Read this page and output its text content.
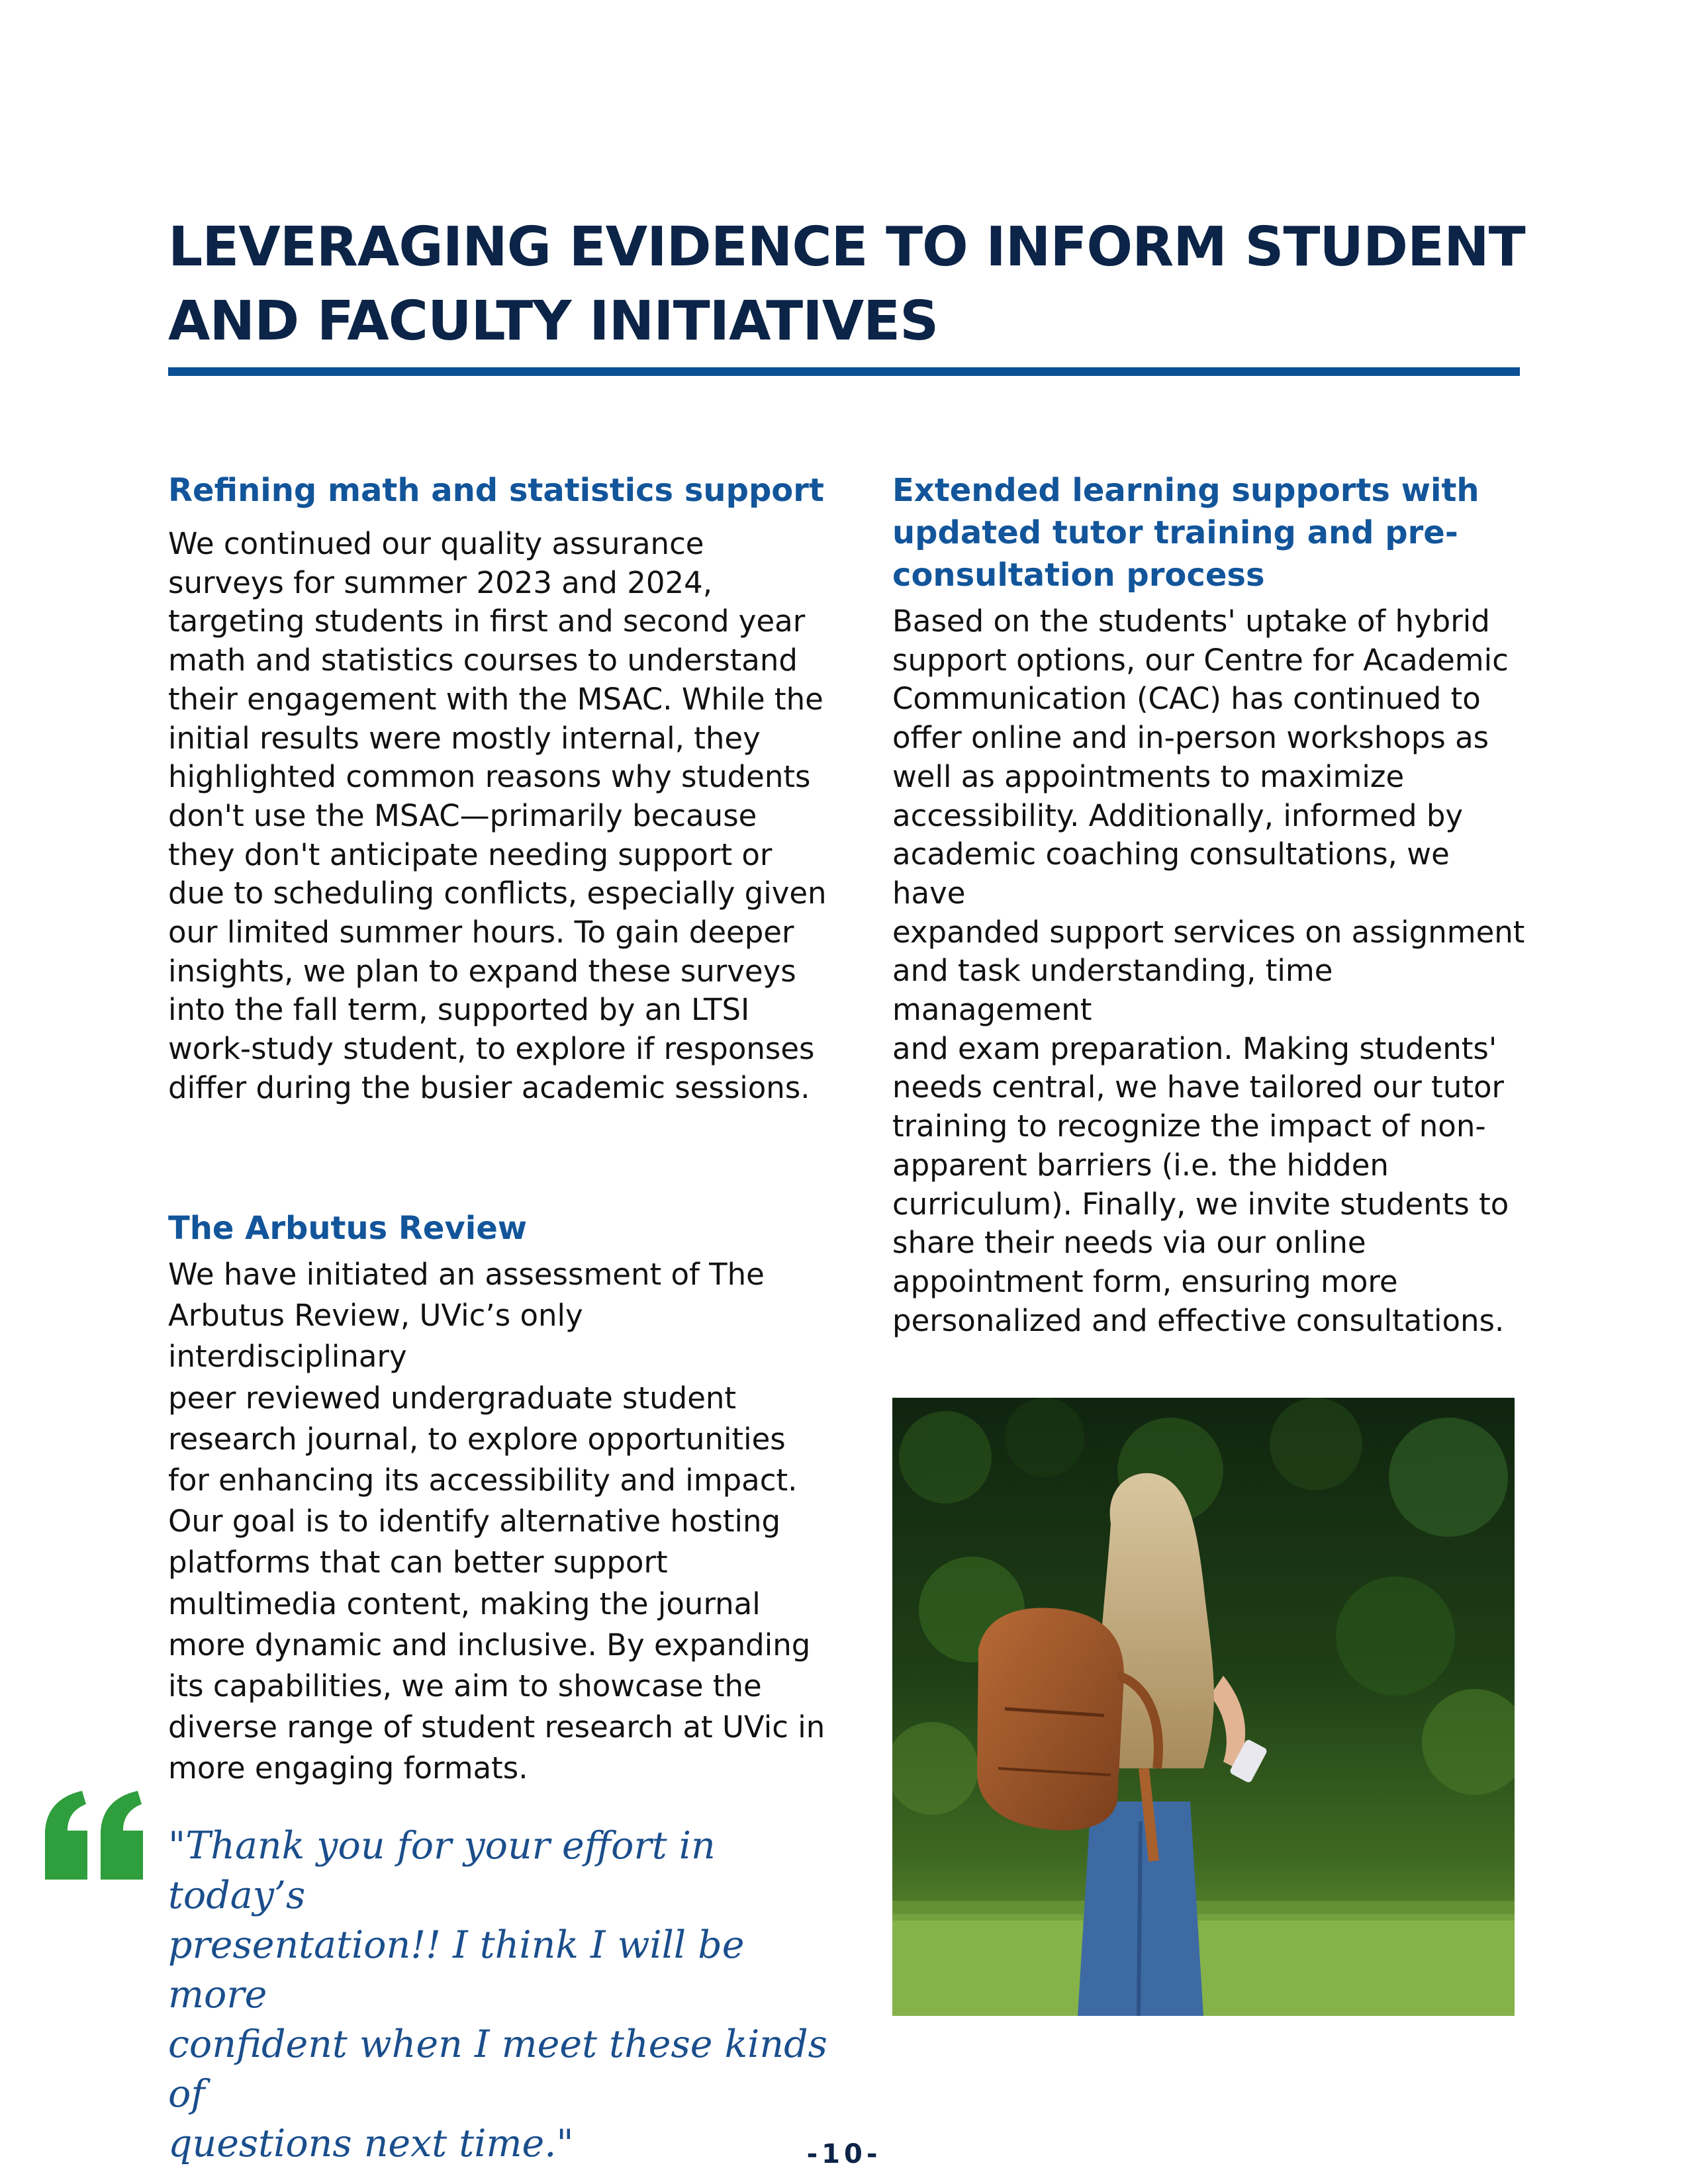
LEVERAGING EVIDENCE TO INFORM STUDENT
AND FACULTY INITIATIVES
Refining math and statistics support
We continued our quality assurance
surveys for summer 2023 and 2024,
targeting students in first and second year
math and statistics courses to understand
their engagement with the MSAC. While the
initial results were mostly internal, they
highlighted common reasons why students
don't use the MSAC—primarily because
they don't anticipate needing support or
due to scheduling conflicts, especially given
our limited summer hours. To gain deeper
insights, we plan to expand these surveys
into the fall term, supported by an LTSI
work-study student, to explore if responses
differ during the busier academic sessions.
The Arbutus Review
We have initiated an assessment of The
Arbutus Review, UVic’s only interdisciplinary
peer reviewed undergraduate student
research journal, to explore opportunities
for enhancing its accessibility and impact.
Our goal is to identify alternative hosting
platforms that can better support
multimedia content, making the journal
more dynamic and inclusive. By expanding
its capabilities, we aim to showcase the
diverse range of student research at UVic in
more engaging formats.
Extended learning supports with
updated tutor training and pre-
consultation process
Based on the students' uptake of hybrid
support options, our Centre for Academic
Communication (CAC) has continued to
offer online and in-person workshops as
well as appointments to maximize
accessibility. Additionally, informed by
academic coaching consultations, we have
expanded support services on assignment
and task understanding, time management
and exam preparation. Making students'
needs central, we have tailored our tutor
training to recognize the impact of non-
apparent barriers (i.e. the hidden
curriculum). Finally, we invite students to
share their needs via our online
appointment form, ensuring more
personalized and effective consultations.
"Thank you for your effort in today’s
presentation!! I think I will be more
confident when I meet these kinds of
questions next time."	-10-
